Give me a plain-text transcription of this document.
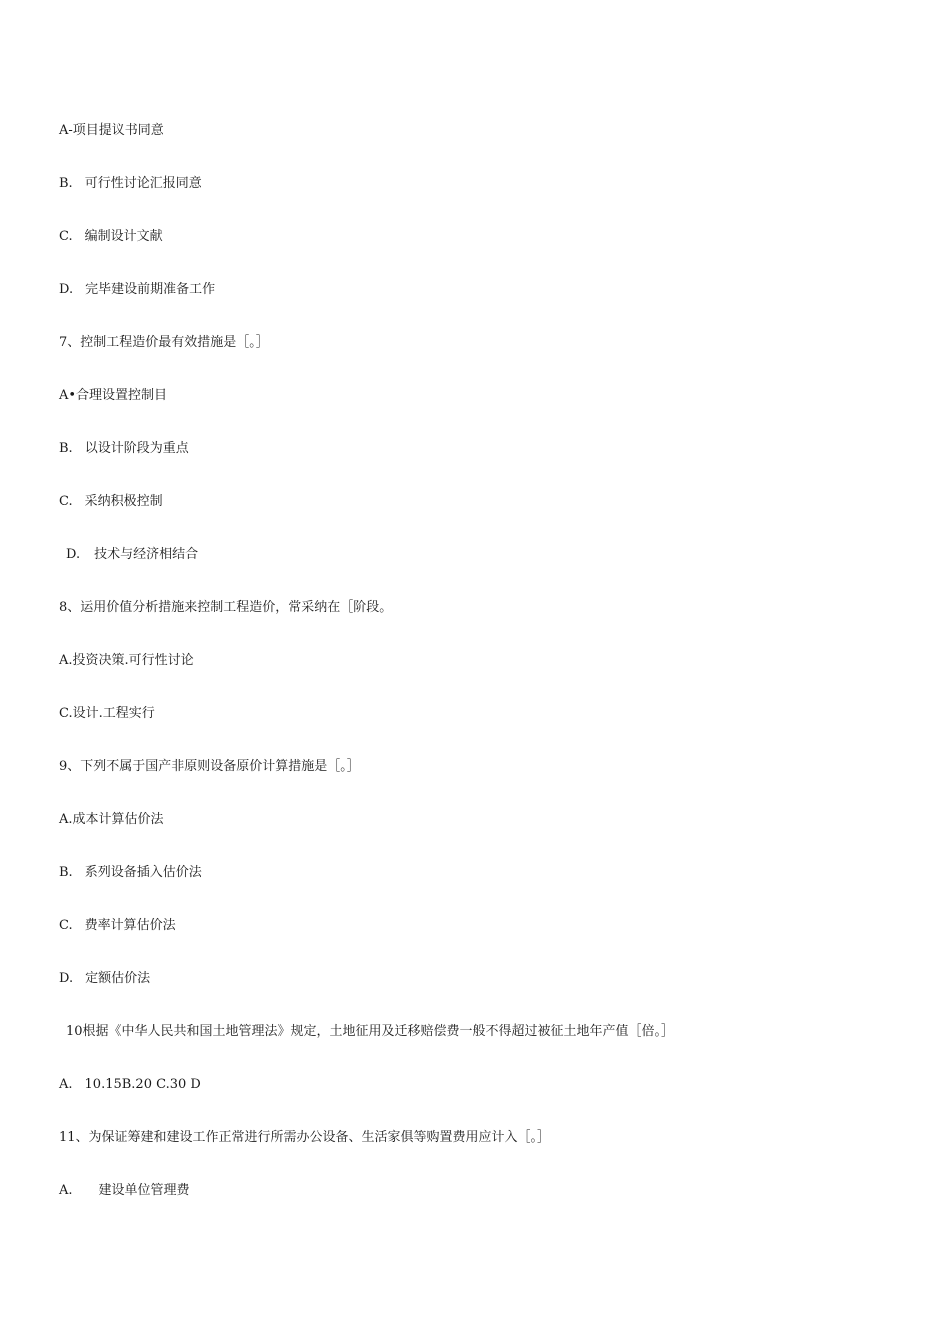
A-项目提议书同意
B. 可行性讨论汇报同意
C. 编制设计文献
D. 完毕建设前期准备工作
7、控制工程造价最有效措施是［。］
A•合理设置控制目
B. 以设计阶段为重点
C. 采纳积极控制
D. 技术与经济相结合
8、运用价值分析措施来控制工程造价，常采纳在［阶段。
A.投资决策.可行性讨论
C.设计.工程实行
9、下列不属于国产非原则设备原价计算措施是［。］
A.成本计算估价法
B. 系列设备插入估价法
C. 费率计算估价法
D. 定额估价法
10根据《中华人民共和国土地管理法》规定，土地征用及迁移赔偿费一般不得超过被征土地年产值［倍。］
A. 10.15B.20 C.30 D
11、为保证筹建和建设工作正常进行所需办公设备、生活家俱等购置费用应计入［。］
A. 建设单位管理费
